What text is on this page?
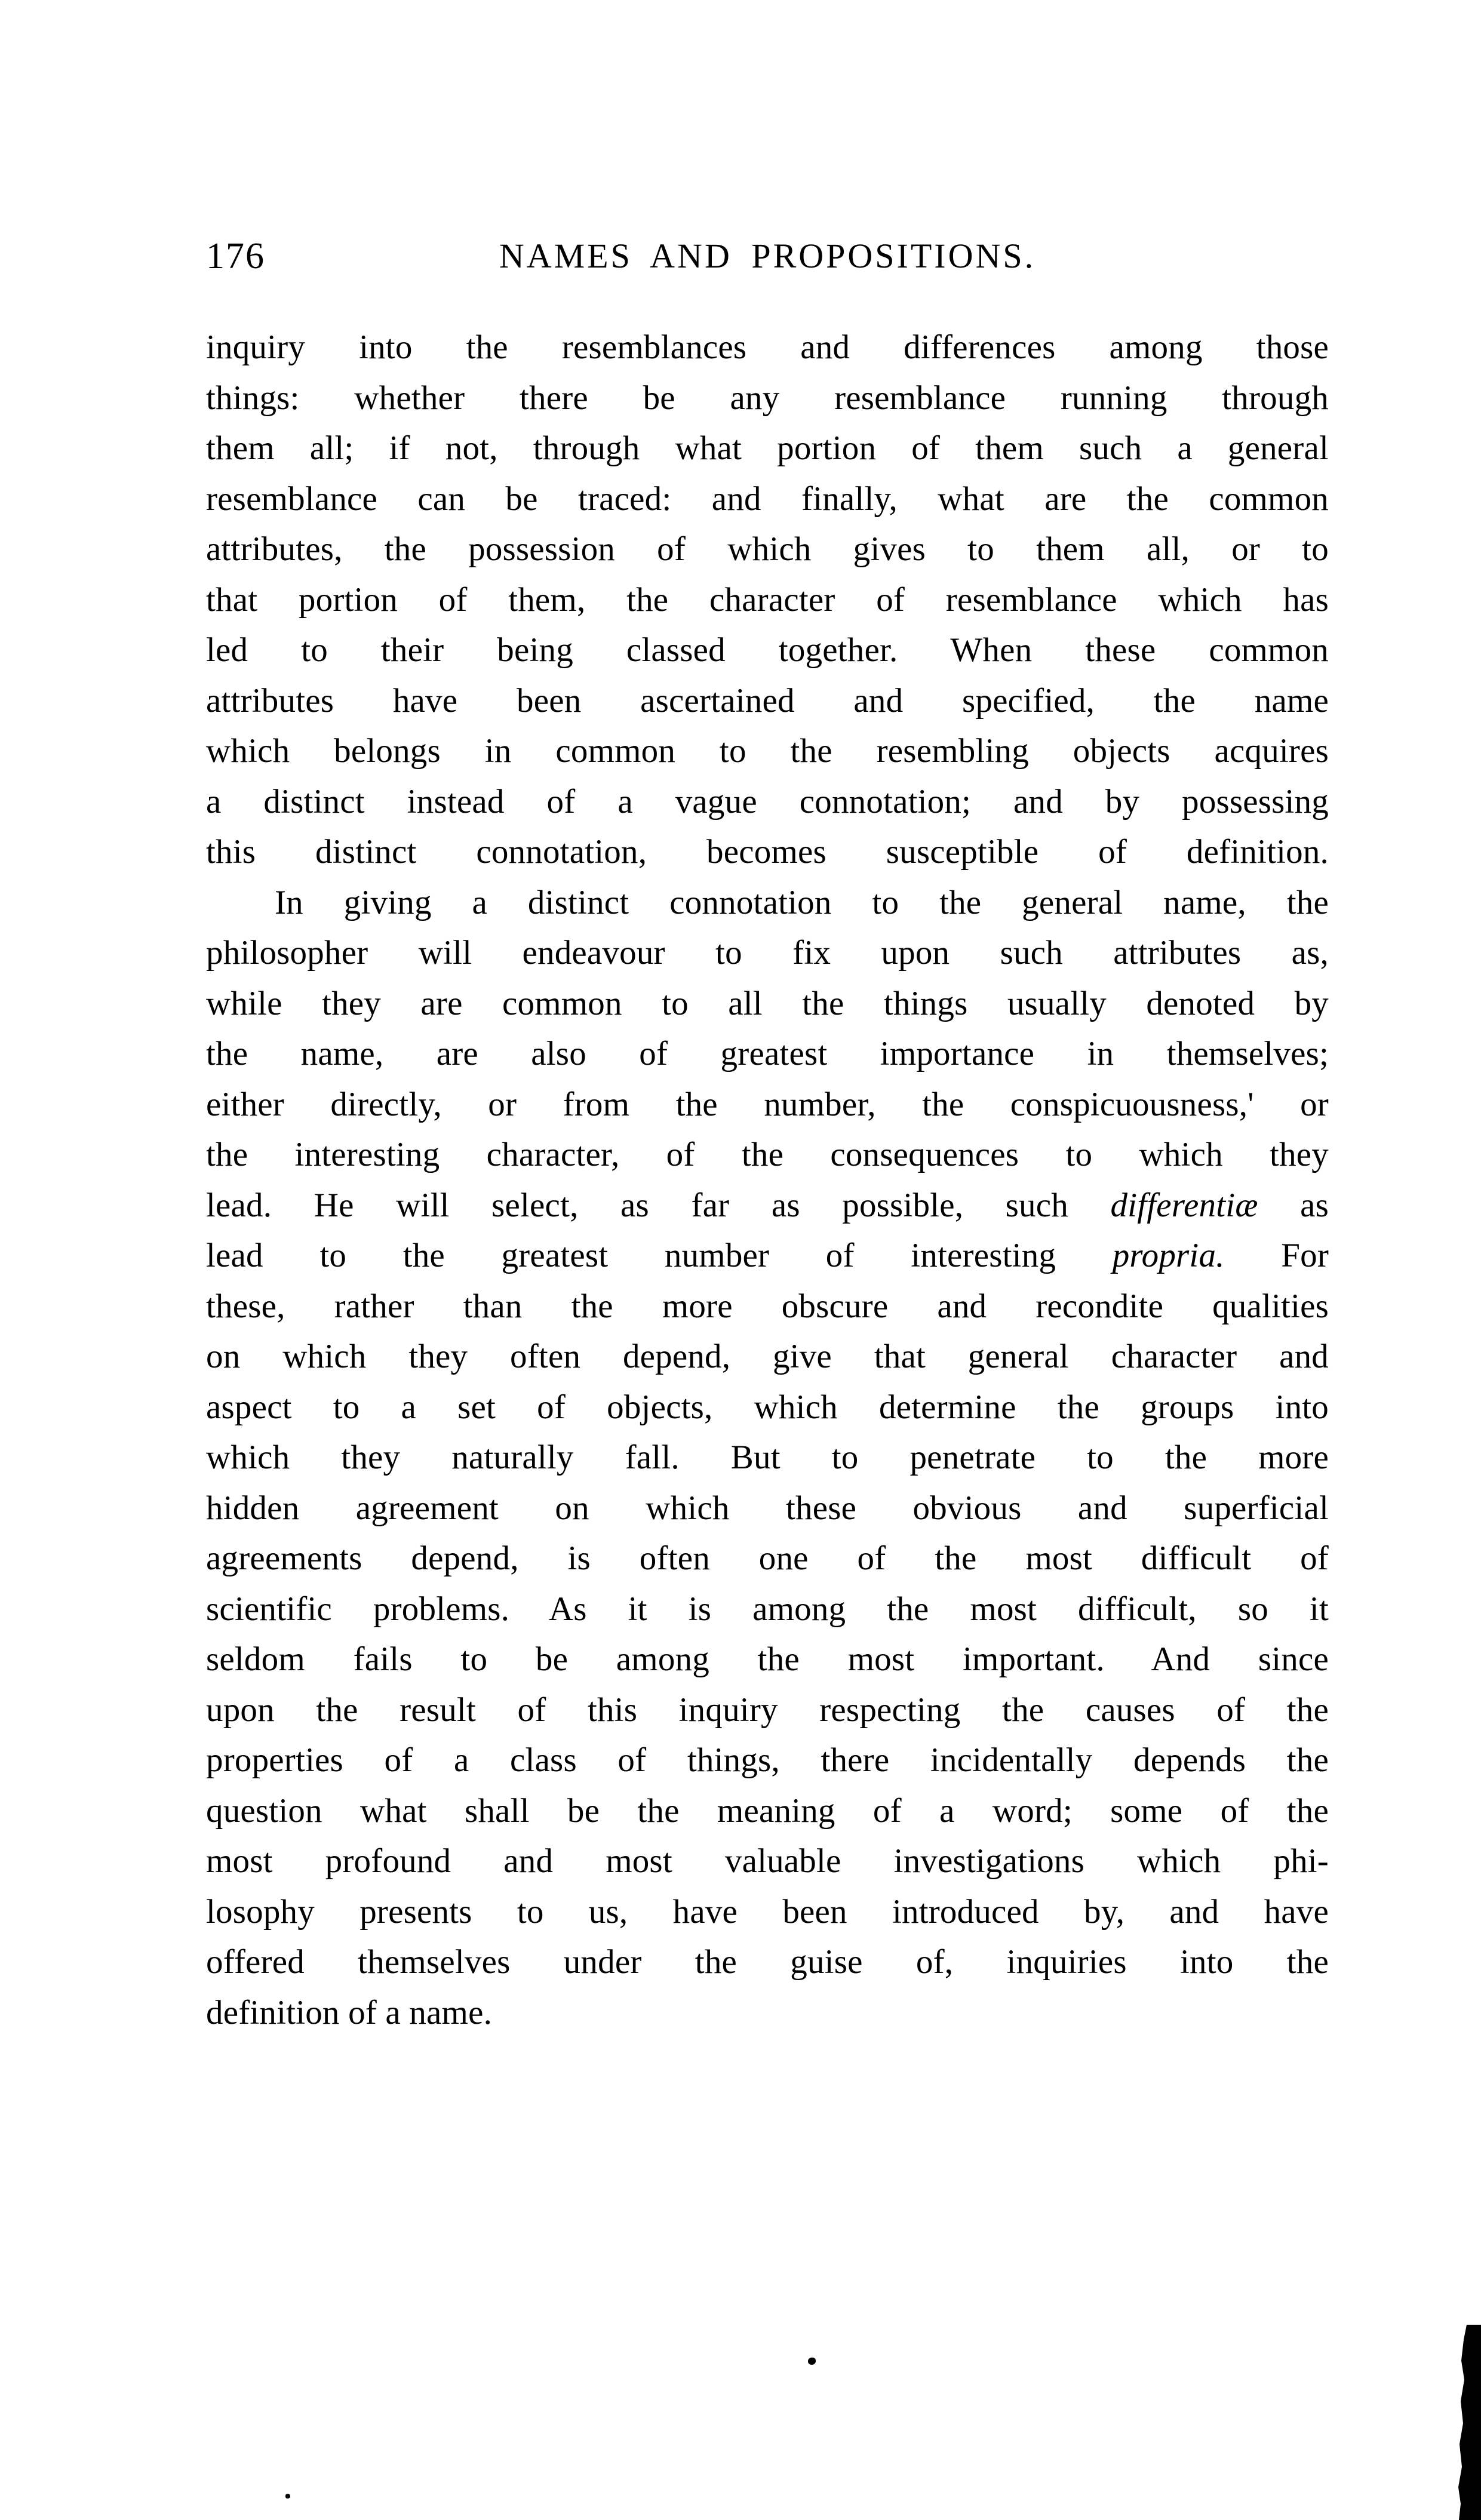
176	NAMES AND PROPOSITIONS.
inquiry into the resemblances and differences among those
things: whether there be any resemblance running through
them all; if not, through what portion of them such a general
resemblance can be traced: and finally, what are the common
attributes, the possession of which gives to them all, or to
that portion of them, the character of resemblance which has
led to their being classed together. When these common
attributes have been ascertained and specified, the name
which belongs in common to the resembling objects acquires
a distinct instead of a vague connotation; and by possessing
this distinct connotation, becomes susceptible of definition.
In giving a distinct connotation to the general name, the
philosopher will endeavour to fix upon such attributes as,
while they are common to all the things usually denoted by
the name, are also of greatest importance in themselves;
either directly, or from the number, the conspicuousness,' or
the interesting character, of the consequences to which they
lead. He will select, as far as possible, such differentiæ as
lead to the greatest number of interesting propria. For
these, rather than the more obscure and recondite qualities
on which they often depend, give that general character and
aspect to a set of objects, which determine the groups into
which they naturally fall. But to penetrate to the more
hidden agreement on which these obvious and superficial
agreements depend, is often one of the most difficult of
scientific problems. As it is among the most difficult, so it
seldom fails to be among the most important. And since
upon the result of this inquiry respecting the causes of the
properties of a class of things, there incidentally depends the
question what shall be the meaning of a word; some of the
most profound and most valuable investigations which phi-
losophy presents to us, have been introduced by, and have
offered themselves under the guise of, inquiries into the
definition of a name.
